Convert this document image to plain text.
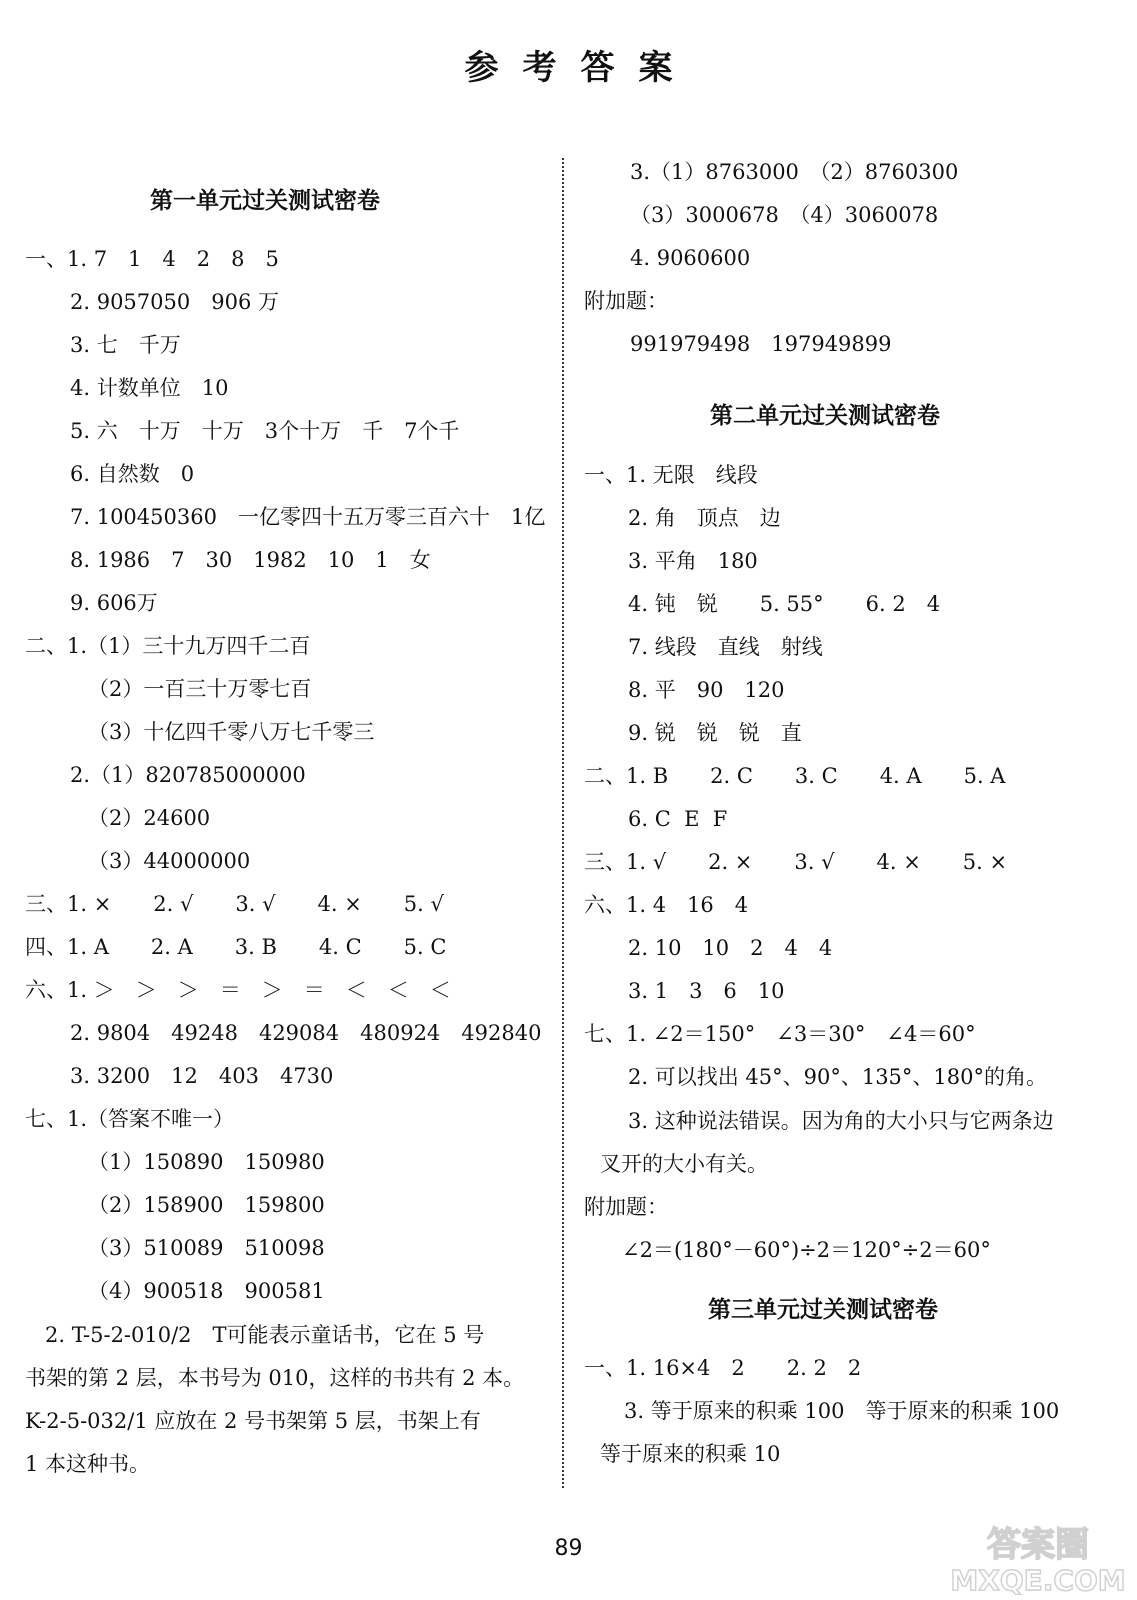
参考答案
第一单元过关测试密卷
一、1. 7　1　4　2　8　5
2. 9057050　906 万
3. 七　千万
4. 计数单位　10
5. 六　十万　十万　3个十万　千　7个千
6. 自然数　0
7. 100450360　一亿零四十五万零三百六十　1亿
8. 1986　7　30　1982　10　1　女
9. 606万
二、1.（1）三十九万四千二百
（2）一百三十万零七百
（3）十亿四千零八万七千零三
2.（1）820785000000
（2）24600
（3）44000000
三、1. ×　　2. √　　3. √　　4. ×　　5. √
四、1. A　　2. A　　3. B　　4. C　　5. C
六、1. ＞　＞　＞　＝　＞　＝　＜　＜　＜
2. 9804　49248　429084　480924　492840
3. 3200　12　403　4730
七、1.（答案不唯一）
（1）150890　150980
（2）158900　159800
（3）510089　510098
（4）900518　900581
2. T-5-2-010/2　T可能表示童话书，它在 5 号
书架的第 2 层，本书号为 010，这样的书共有 2 本。
K-2-5-032/1 应放在 2 号书架第 5 层，书架上有
1 本这种书。
3.（1）8763000　（2）8760300
（3）3000678　（4）3060078
4. 9060600
附加题：
991979498　197949899
第二单元过关测试密卷
一、1. 无限　线段
2. 角　顶点　边
3. 平角　180
4. 钝　锐　　5. 55°　　6. 2　4
7. 线段　直线　射线
8. 平　90　120
9. 锐　锐　锐　直
二、1. B　　2. C　　3. C　　4. A　　5. A
6. C  E  F
三、1. √　　2. ×　　3. √　　4. ×　　5. ×
六、1. 4　16　4
2. 10　10　2　4　4
3. 1　3　6　10
七、1. ∠2＝150°　∠3＝30°　∠4＝60°
2. 可以找出 45°、90°、135°、180°的角。
3. 这种说法错误。因为角的大小只与它两条边
叉开的大小有关。
附加题：
∠2＝(180°－60°)÷2＝120°÷2＝60°
第三单元过关测试密卷
一、1. 16×4　2　　2. 2　2
3. 等于原来的积乘 100　等于原来的积乘 100
等于原来的积乘 10
89	答案圈
MXQE.COM
